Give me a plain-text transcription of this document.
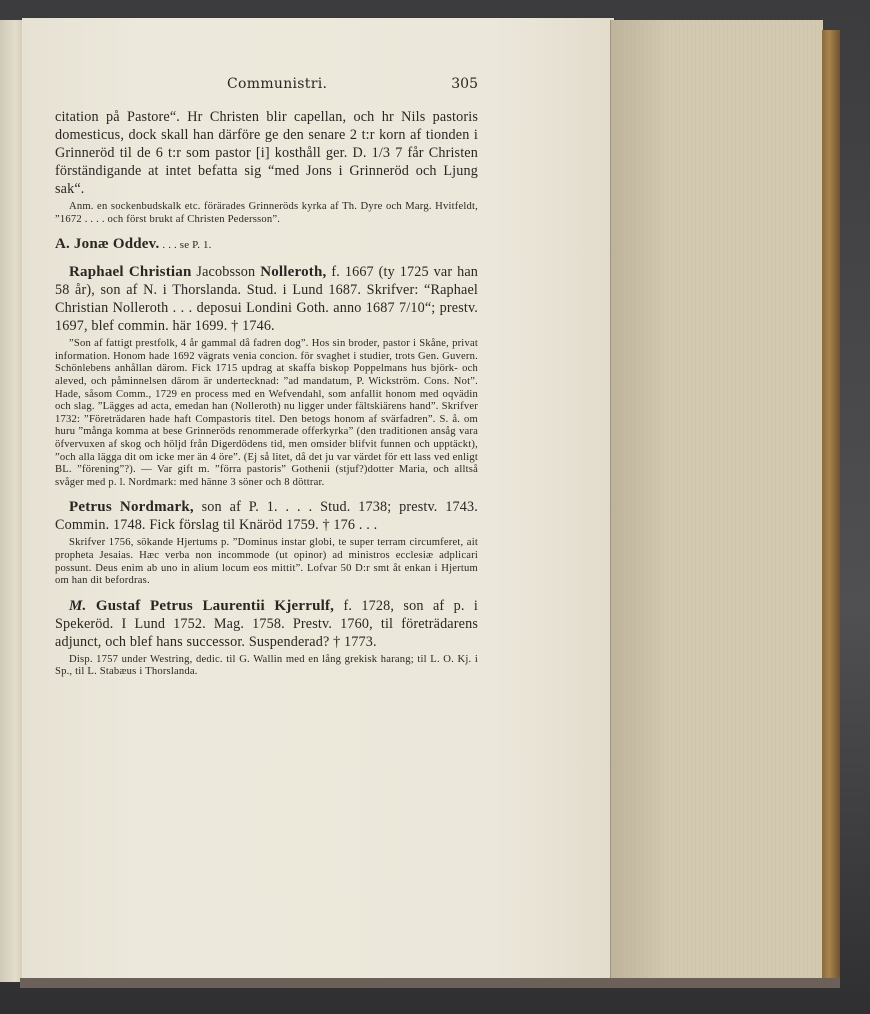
Communistri.	305

citation på Pastore“. Hr Christen blir capellan, och hr Nils pastoris domesticus, dock skall han därföre ge den senare 2 t:r korn af tionden i Grinneröd til de 6 t:r som pastor [i] kosthåll ger. D. 1/3 7 får Christen förständigande at intet befatta sig “med Jons i Grinneröd och Ljung sak“.

Anm. en sockenbudskalk etc. förärades Grinneröds kyrka af Th. Dyre och Marg. Hvitfeldt, ”1672 . . . . och först brukt af Christen Pedersson”.

A. Jonæ Oddev. . . . se P. 1.

Raphael Christian Jacobsson Nolleroth, f. 1667 (ty 1725 var han 58 år), son af N. i Thorslanda. Stud. i Lund 1687. Skrifver: “Raphael Christian Nolleroth . . . deposui Londini Goth. anno 1687 7/10“; prestv. 1697, blef commin. här 1699. † 1746.

”Son af fattigt prestfolk, 4 år gammal då fadren dog”. Hos sin broder, pastor i Skåne, privat information. Honom hade 1692 vägrats venia concion. för svaghet i studier, trots Gen. Guvern. Schönlebens anhållan därom. Fick 1715 updrag at skaffa biskop Poppelmans hus björk- och aleved, och påminnelsen därom är undertecknad: ”ad mandatum, P. Wickström. Cons. Not”. Hade, såsom Comm., 1729 en process med en Wefvendahl, som anfallit honom med oqvädin och slag. ”Lägges ad acta, emedan han (Nolleroth) nu ligger under fältskiärens hand”. Skrifver 1732: ”Företrädaren hade haft Compastoris titel. Den betogs honom af svärfadren”. S. å. om huru ”många komma at bese Grinneröds renommerade offerkyrka” (den traditionen ansåg vara öfvervuxen af skog och höljd från Digerdödens tid, men omsider blifvit funnen och upptäckt), ”och alla lägga dit om icke mer än 4 öre”. (Ej så litet, då det ju var värdet för ett lass ved enligt BL. ”förening”?). — Var gift m. ”förra pastoris” Gothenii (stjuf?)dotter Maria, och alltså svåger med p. l. Nordmark: med hänne 3 söner och 8 döttrar.

Petrus Nordmark, son af P. 1. . . . Stud. 1738; prestv. 1743. Commin. 1748. Fick förslag til Knäröd 1759. † 176 . . .

Skrifver 1756, sökande Hjertums p. ”Dominus instar globi, te super terram circumferet, ait propheta Jesaias. Hæc verba non incommode (ut opinor) ad ministros ecclesiæ adplicari possunt. Deus enim ab uno in alium locum eos mittit”. Lofvar 50 D:r smt åt enkan i Hjertum om han dit befordras.

M. Gustaf Petrus Laurentii Kjerrulf, f. 1728, son af p. i Spekeröd. I Lund 1752. Mag. 1758. Prestv. 1760, til företrädarens adjunct, och blef hans successor. Suspenderad? † 1773.

Disp. 1757 under Westring, dedic. til G. Wallin med en lång grekisk harang; til L. O. Kj. i Sp., til L. Stabæus i Thorslanda.
